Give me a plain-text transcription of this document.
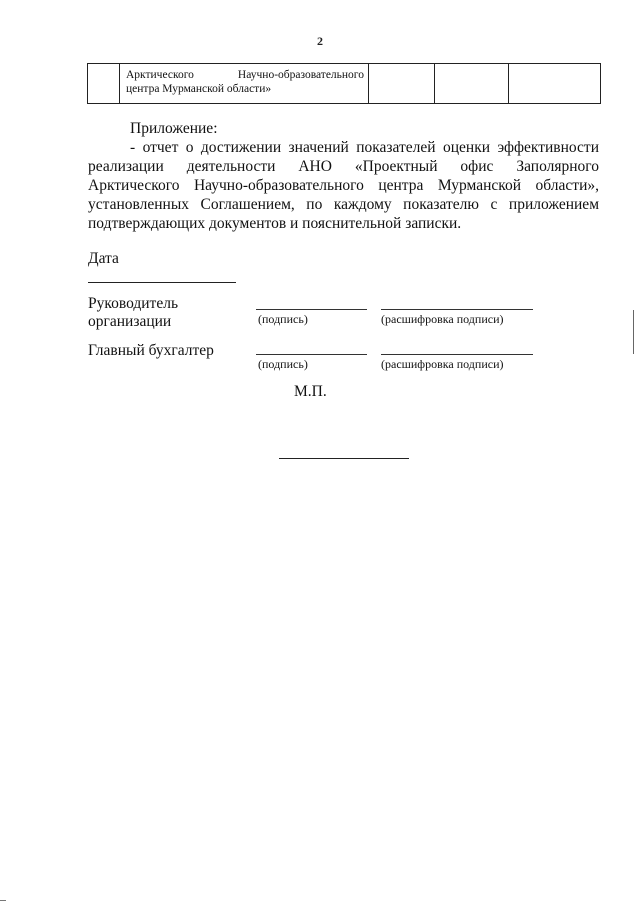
2

Арктического Научно-образовательного
центра Мурманской области»

Приложение:

- отчет о достижении значений показателей оценки эффективности реализации деятельности АНО «Проектный офис Заполярного Арктического Научно-образовательного центра Мурманской области», установленных Соглашением, по каждому показателю с приложением подтверждающих документов и пояснительной записки.

Дата
Руководитель
организации	(подпись)	(расшифровка подписи)
Главный бухгалтер
(подпись)	(расшифровка подписи)
М.П.
